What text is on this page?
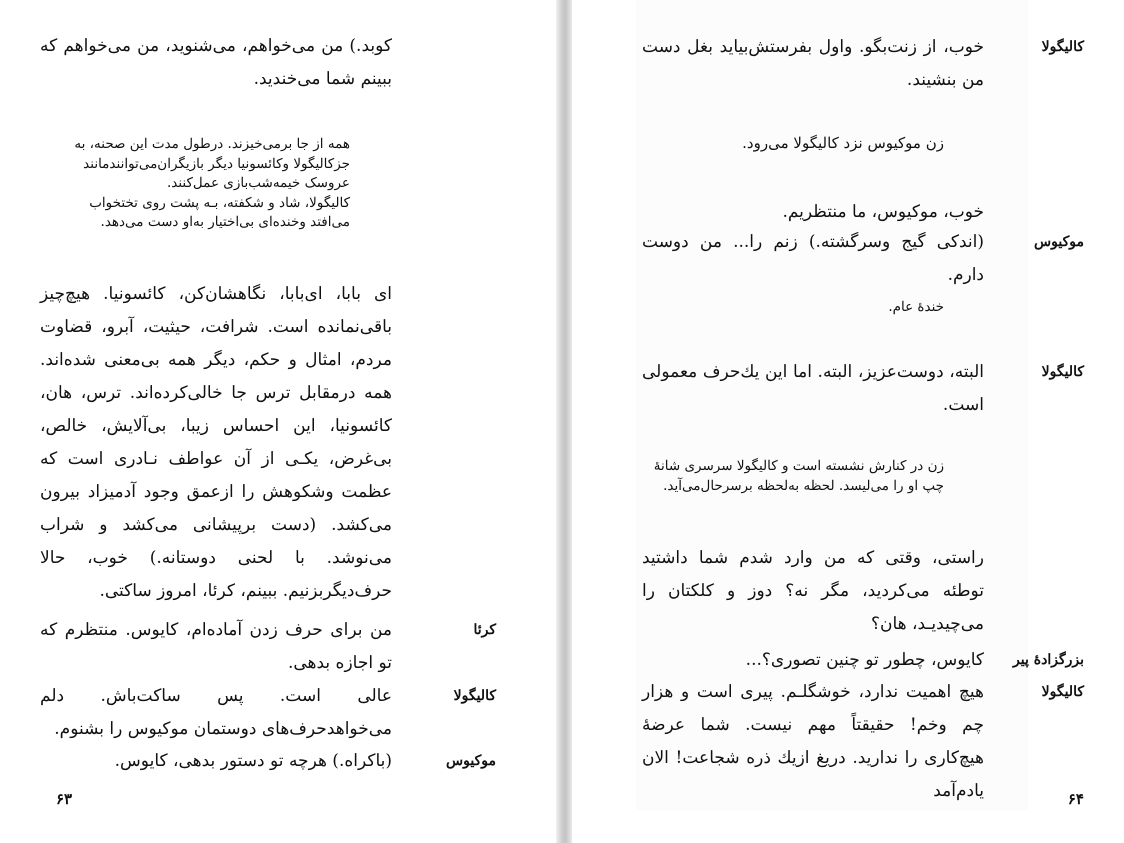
کوبد.) من می‌خواهم، می‌شنوید، من می‌خواهم که ببینم شما می‌خندید.

همه از جا برمی‌خیزند. درطول مدت این صحنه، به

جزکالیگولا وکائسونیا دیگر بازیگران‌می‌توانندمانند

عروسک خیمه‌شب‌بازی عمل‌کنند.

کالیگولا، شاد و شکفته، بـه پشت روی تختخواب

می‌افتد وخنده‌ای بی‌اختیار به‌او دست می‌دهد.

ای بابا، ای‌بابا، نگاهشان‌کن، کائسونیا. هیچ‌چیز باقی‌نمانده است. شرافت، حیثیت، آبرو، قضاوت مردم، امثال و حکم، دیگر همه بی‌معنی شده‌اند. همه درمقابل ترس جا خالی‌کرده‌اند. ترس، هان، کائسونیا، این احساس زیبا، بی‌آلایش، خالص، بی‌غرض، یکـی از آن عواطف نـادری است که عظمت وشکوهش را ازعمق وجود آدمیزاد بیرون می‌کشد. (دست برپیشانی می‌کشد و شراب می‌نوشد. با لحنی دوستانه.) خوب، حالا حرف‌دیگربزنیم. ببینم، کرئا، امروز ساکتی.

کرئا

من برای حرف زدن آماده‌ام، کایوس. منتظرم که تو اجازه بدهی.

کالیگولا

عالی است. پس ساکت‌باش. دلم می‌خواهدحرف‌های دوستمان موکیوس را بشنوم.

موکیوس

(باکراه.) هرچه تو دستور بدهی، کایوس.

۶۳
کالیگولا

خوب، از زنت‌بگو. واول بفرستش‌بیاید بغل دست من بنشیند.

زن موکیوس نزد کالیگولا می‌رود.

خوب، موکیوس، ما منتظریم.

موکیوس

(اندکی گیج وسرگشته.) زنم را... من دوست دارم.

خندهٔ عام.

کالیگولا

البته، دوست‌عزیز، البته. اما این یك‌حرف معمولی است.

زن در کنارش نشسته است و کالیگولا سرسری شانهٔ

چپ او را می‌لیسد. لحظه به‌لحظه برسرحال‌می‌آید.

راستی، وقتی که من وارد شدم شما داشتید توطئه می‌کردید، مگر نه؟ دوز و کلکتان را می‌چیدیـد، هان؟

بزرگزادهٔ پیر

کایوس، چطور تو چنین تصوری؟...

کالیگولا

هیچ اهمیت ندارد، خوشگلـم. پیری است و هزار چم وخم! حقیقتاً مهم نیست. شما عرضهٔ هیچ‌کاری را ندارید. دریغ ازیك ذره شجاعت! الان یادم‌آمد	۶۴
